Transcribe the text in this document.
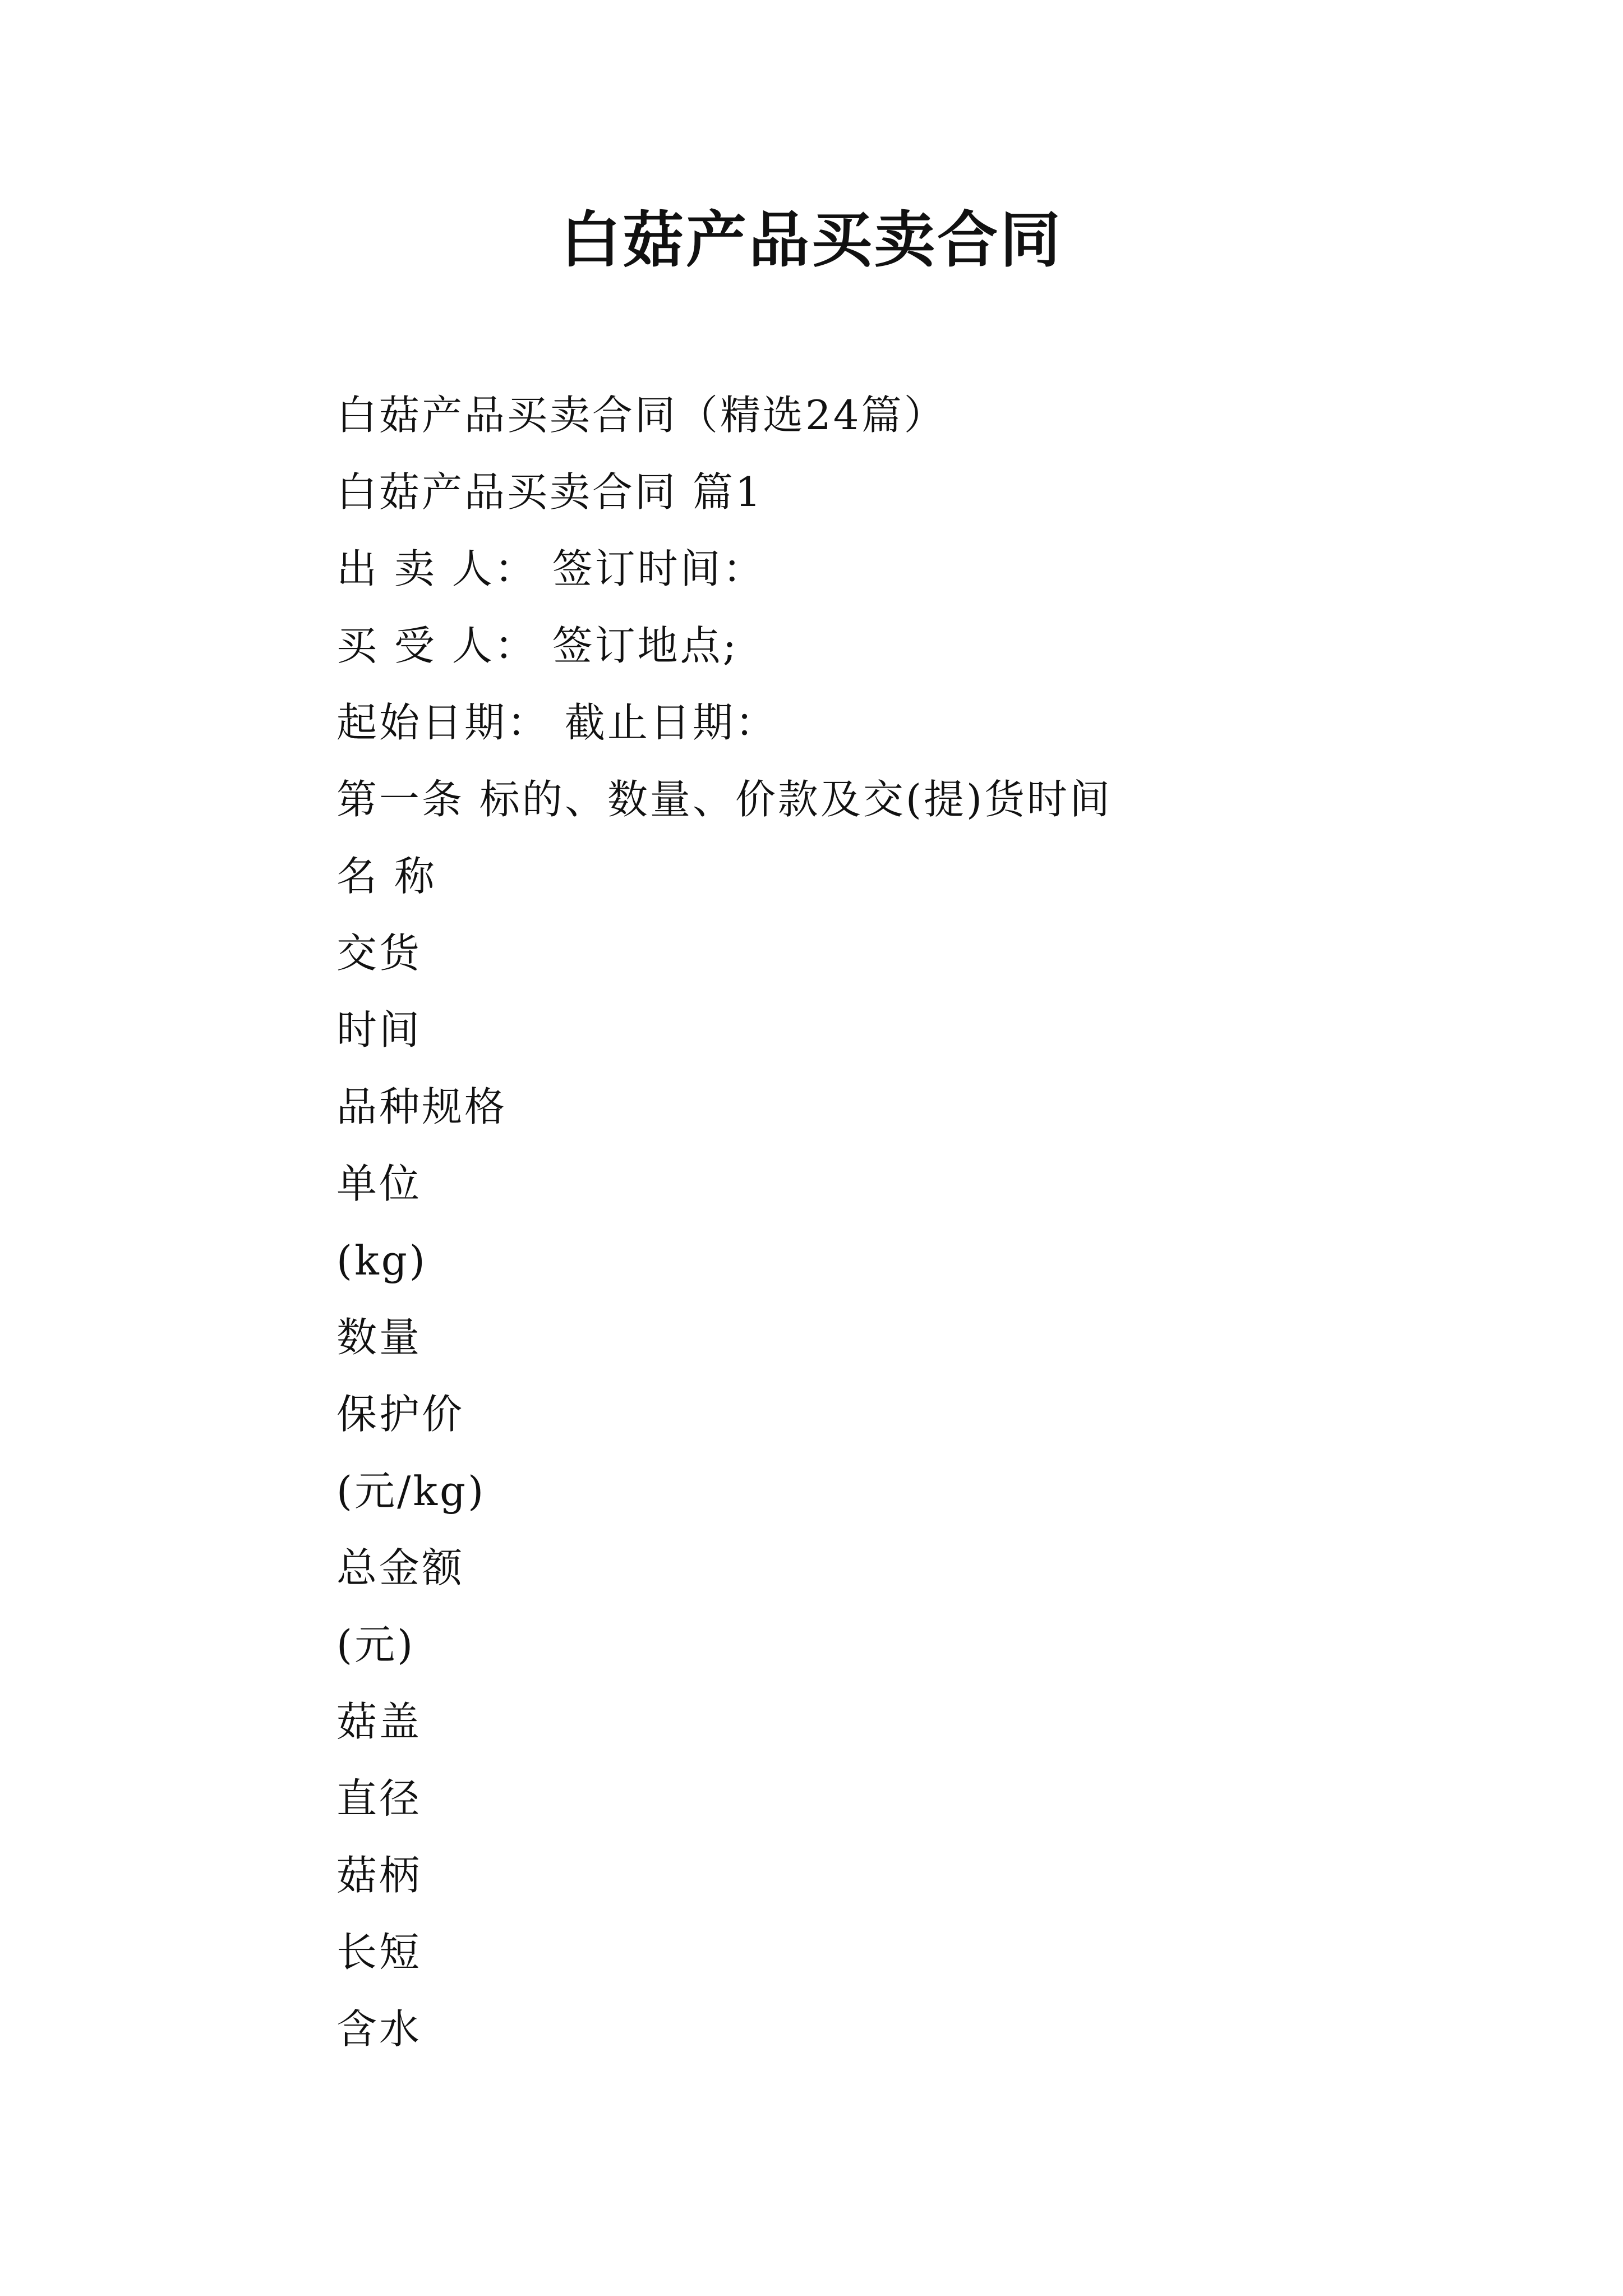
白菇产品买卖合同
白菇产品买卖合同（精选24篇）
白菇产品买卖合同 篇1
出 卖 人： 签订时间：
买 受 人： 签订地点;
起始日期： 截止日期：
第一条 标的、数量、价款及交(提)货时间
名 称
交货
时间
品种规格
单位
(kg)
数量
保护价
(元/kg)
总金额
(元)
菇盖
直径
菇柄
长短
含水
